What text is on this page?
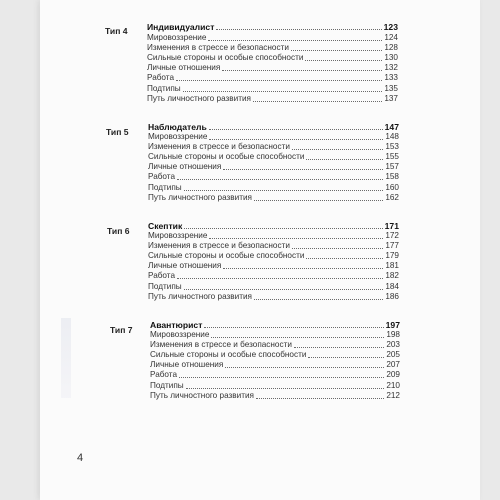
Тип 4 Индивидуалист	123
Мировоззрение	124
Изменения в стрессе и безопасности	128
Сильные стороны и особые способности	130
Личные отношения	132
Работа	133
Подтипы	135
Путь личностного развития	137
Тип 5 Наблюдатель	147
Мировоззрение	148
Изменения в стрессе и безопасности	153
Сильные стороны и особые способности	155
Личные отношения	157
Работа	158
Подтипы	160
Путь личностного развития	162
Тип 6 Скептик	171
Мировоззрение	172
Изменения в стрессе и безопасности	177
Сильные стороны и особые способности	179
Личные отношения	181
Работа	182
Подтипы	184
Путь личностного развития	186
Тип 7 Авантюрист	197
Мировоззрение	198
Изменения в стрессе и безопасности	203
Сильные стороны и особые способности	205
Личные отношения	207
Работа	209
Подтипы	210
Путь личностного развития	212
4
